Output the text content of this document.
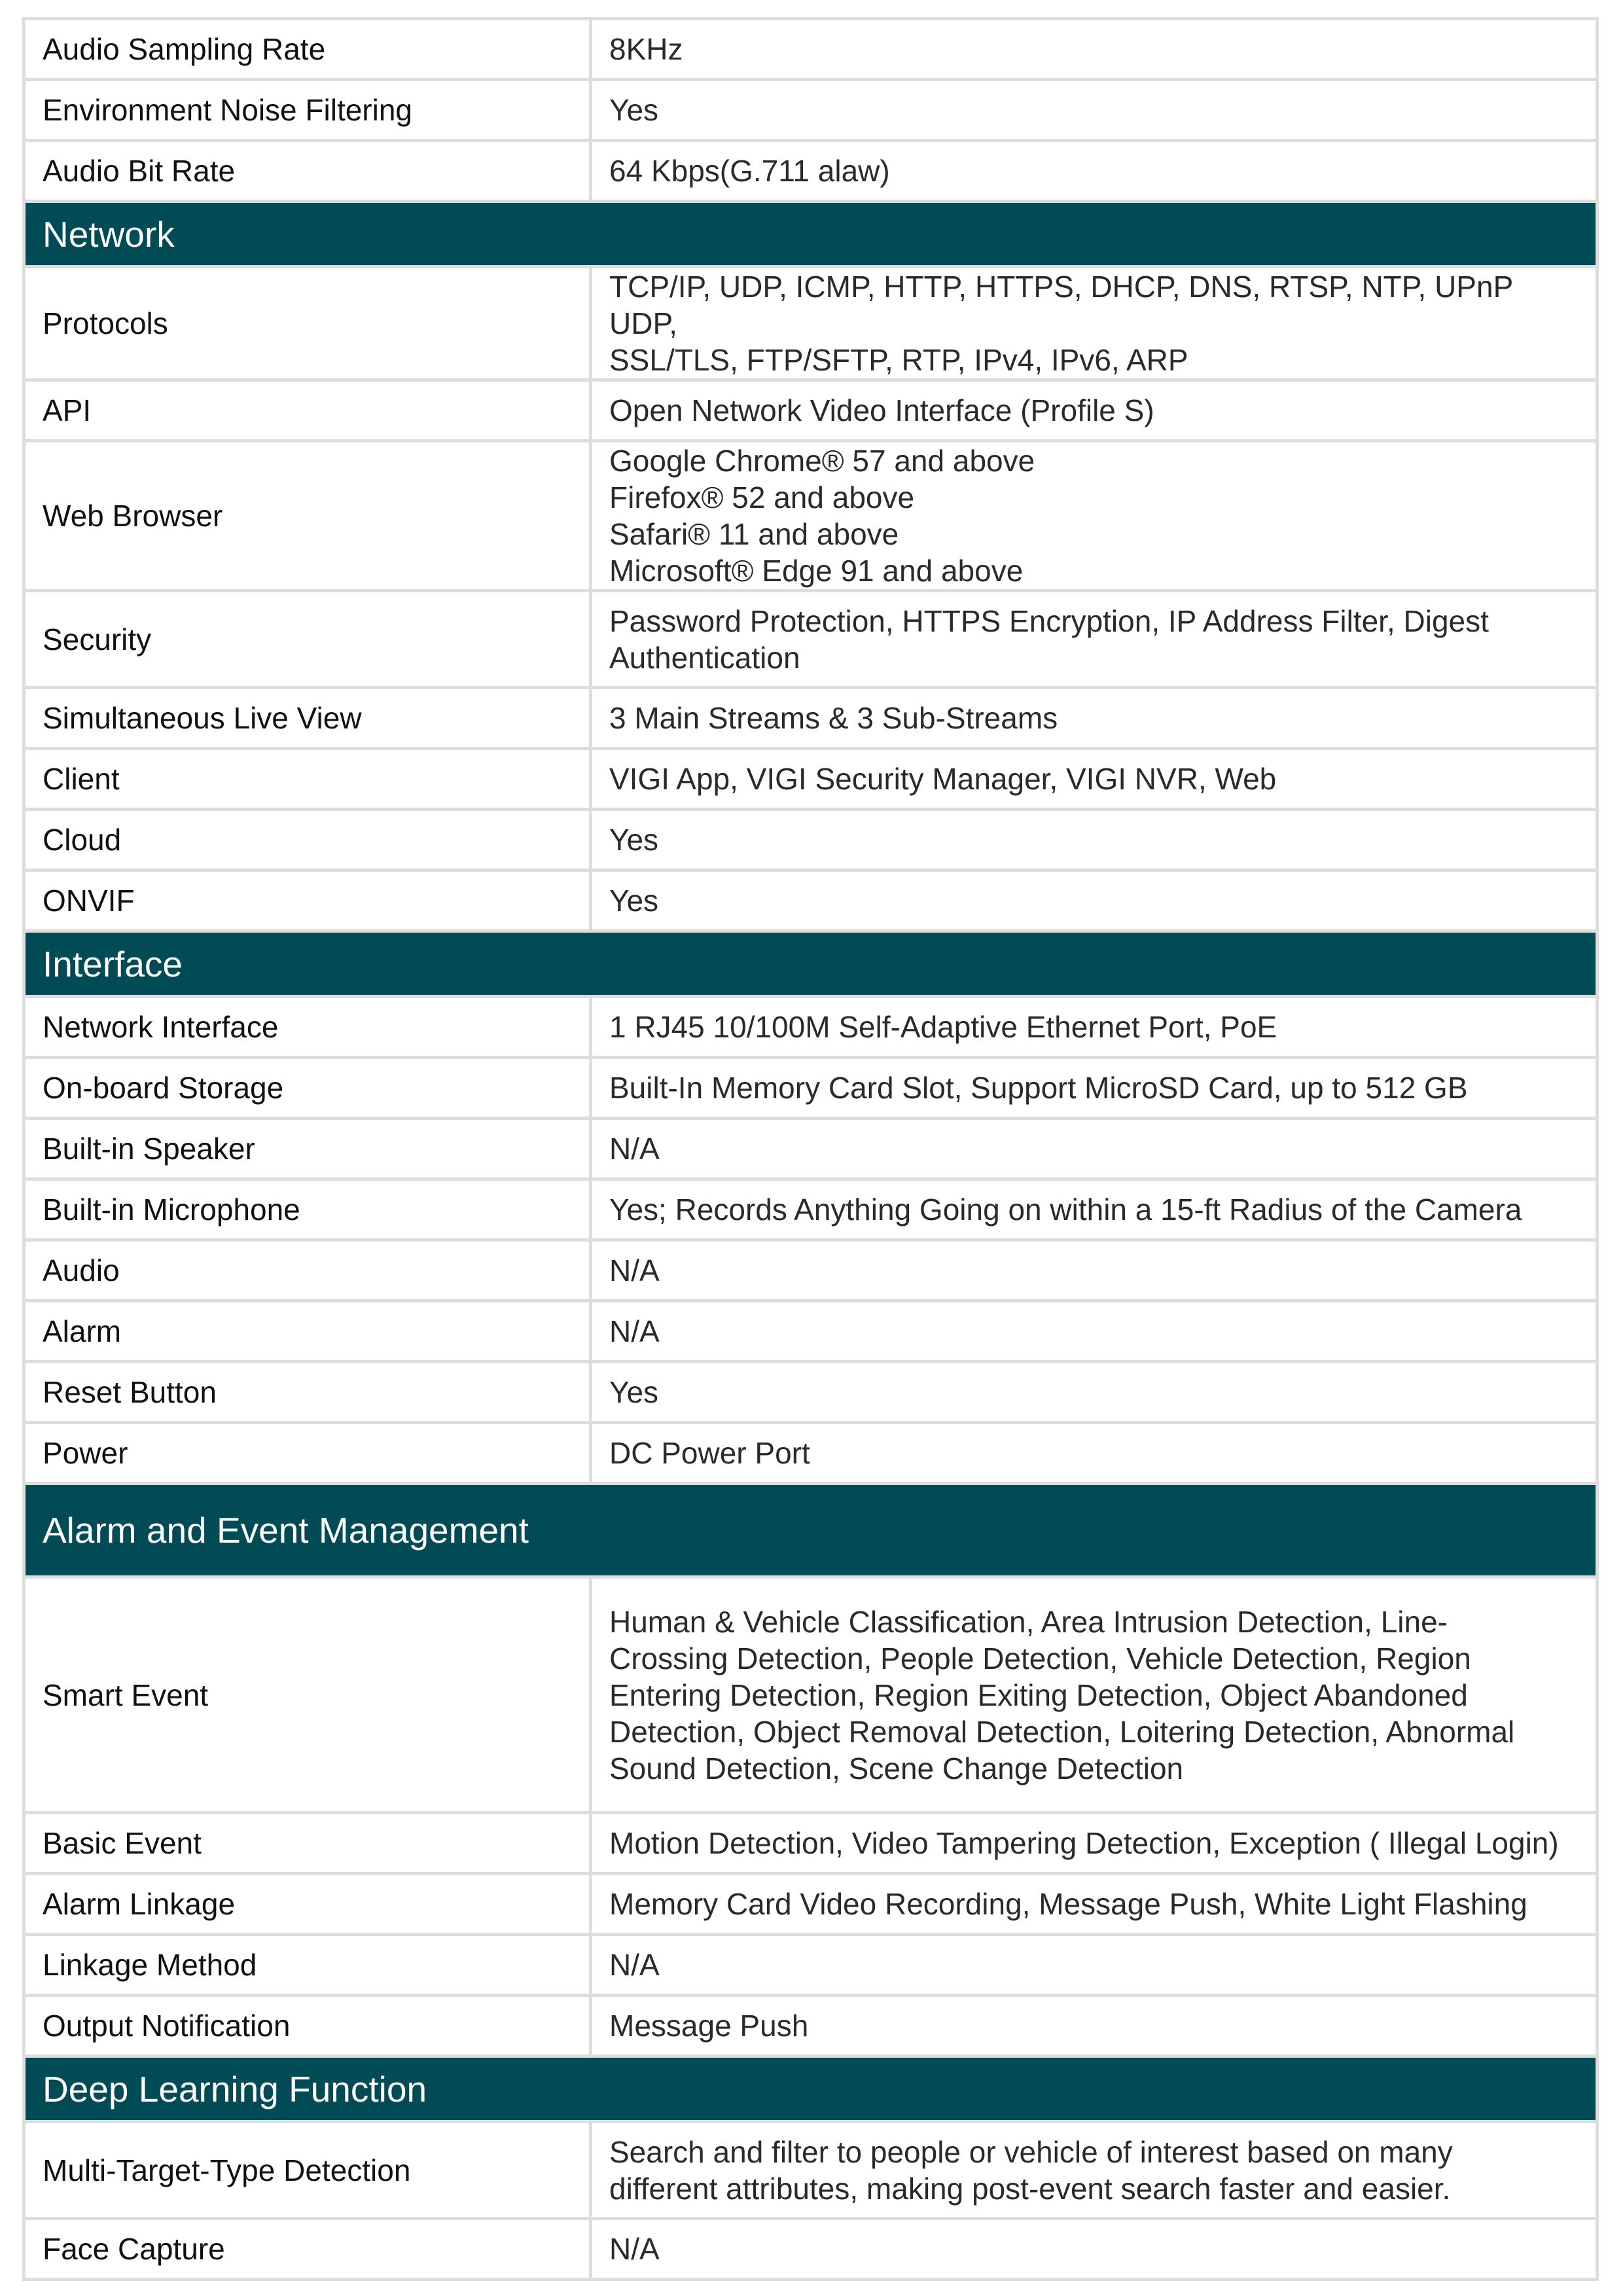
Audio Sampling Rate	8KHz
Environment Noise Filtering	Yes
Audio Bit Rate	64 Kbps(G.711 alaw)
Network	
Protocols	TCP/IP, UDP, ICMP, HTTP, HTTPS, DHCP, DNS, RTSP, NTP, UPnP UDP,
SSL/TLS, FTP/SFTP, RTP, IPv4, IPv6, ARP
API	Open Network Video Interface (Profile S)
Web Browser	Google Chrome® 57 and above
Firefox® 52 and above
Safari® 11 and above
Microsoft® Edge 91 and above
Security	Password Protection, HTTPS Encryption, IP Address Filter, Digest
Authentication
Simultaneous Live View	3 Main Streams & 3 Sub-Streams
Client	VIGI App, VIGI Security Manager, VIGI NVR, Web
Cloud	Yes
ONVIF	Yes
Interface	
Network Interface	1 RJ45 10/100M Self-Adaptive Ethernet Port, PoE
On-board Storage	Built-In Memory Card Slot, Support MicroSD Card, up to 512 GB
Built-in Speaker	N/A
Built-in Microphone	Yes; Records Anything Going on within a 15-ft Radius of the Camera
Audio	N/A
Alarm	N/A
Reset Button	Yes
Power	DC Power Port
Alarm and Event Management	
Smart Event	Human & Vehicle Classification, Area Intrusion Detection, Line-
Crossing Detection, People Detection, Vehicle Detection, Region
Entering Detection, Region Exiting Detection, Object Abandoned
Detection, Object Removal Detection, Loitering Detection, Abnormal
Sound Detection, Scene Change Detection
Basic Event	Motion Detection, Video Tampering Detection, Exception ( Illegal Login)
Alarm Linkage	Memory Card Video Recording, Message Push, White Light Flashing
Linkage Method	N/A
Output Notification	Message Push
Deep Learning Function	
Multi-Target-Type Detection	Search and filter to people or vehicle of interest based on many
different attributes, making post-event search faster and easier.
Face Capture	N/A
